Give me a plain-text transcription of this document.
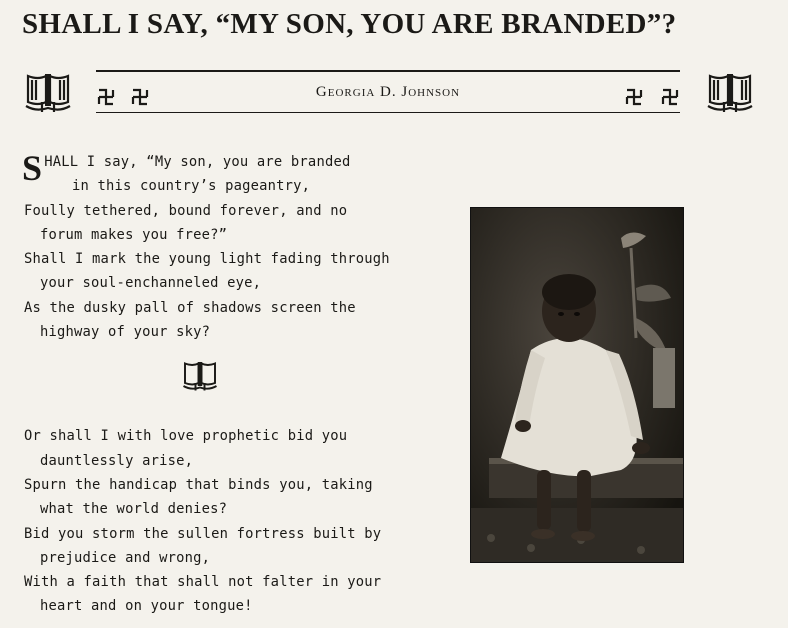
SHALL I SAY, “MY SON, YOU ARE BRANDED”?
Georgia D. Johnson
SHALL I say, “My son, you are branded
in this country’s pageantry,
Foully tethered, bound forever, and no
forum makes you free?”
Shall I mark the young light fading through
your soul-enchanneled eye,
As the dusky pall of shadows screen the
highway of your sky?
Or shall I with love prophetic bid you
dauntlessly arise,
Spurn the handicap that binds you, taking
what the world denies?
Bid you storm the sullen fortress built by
prejudice and wrong,
With a faith that shall not falter in your
heart and on your tongue!
